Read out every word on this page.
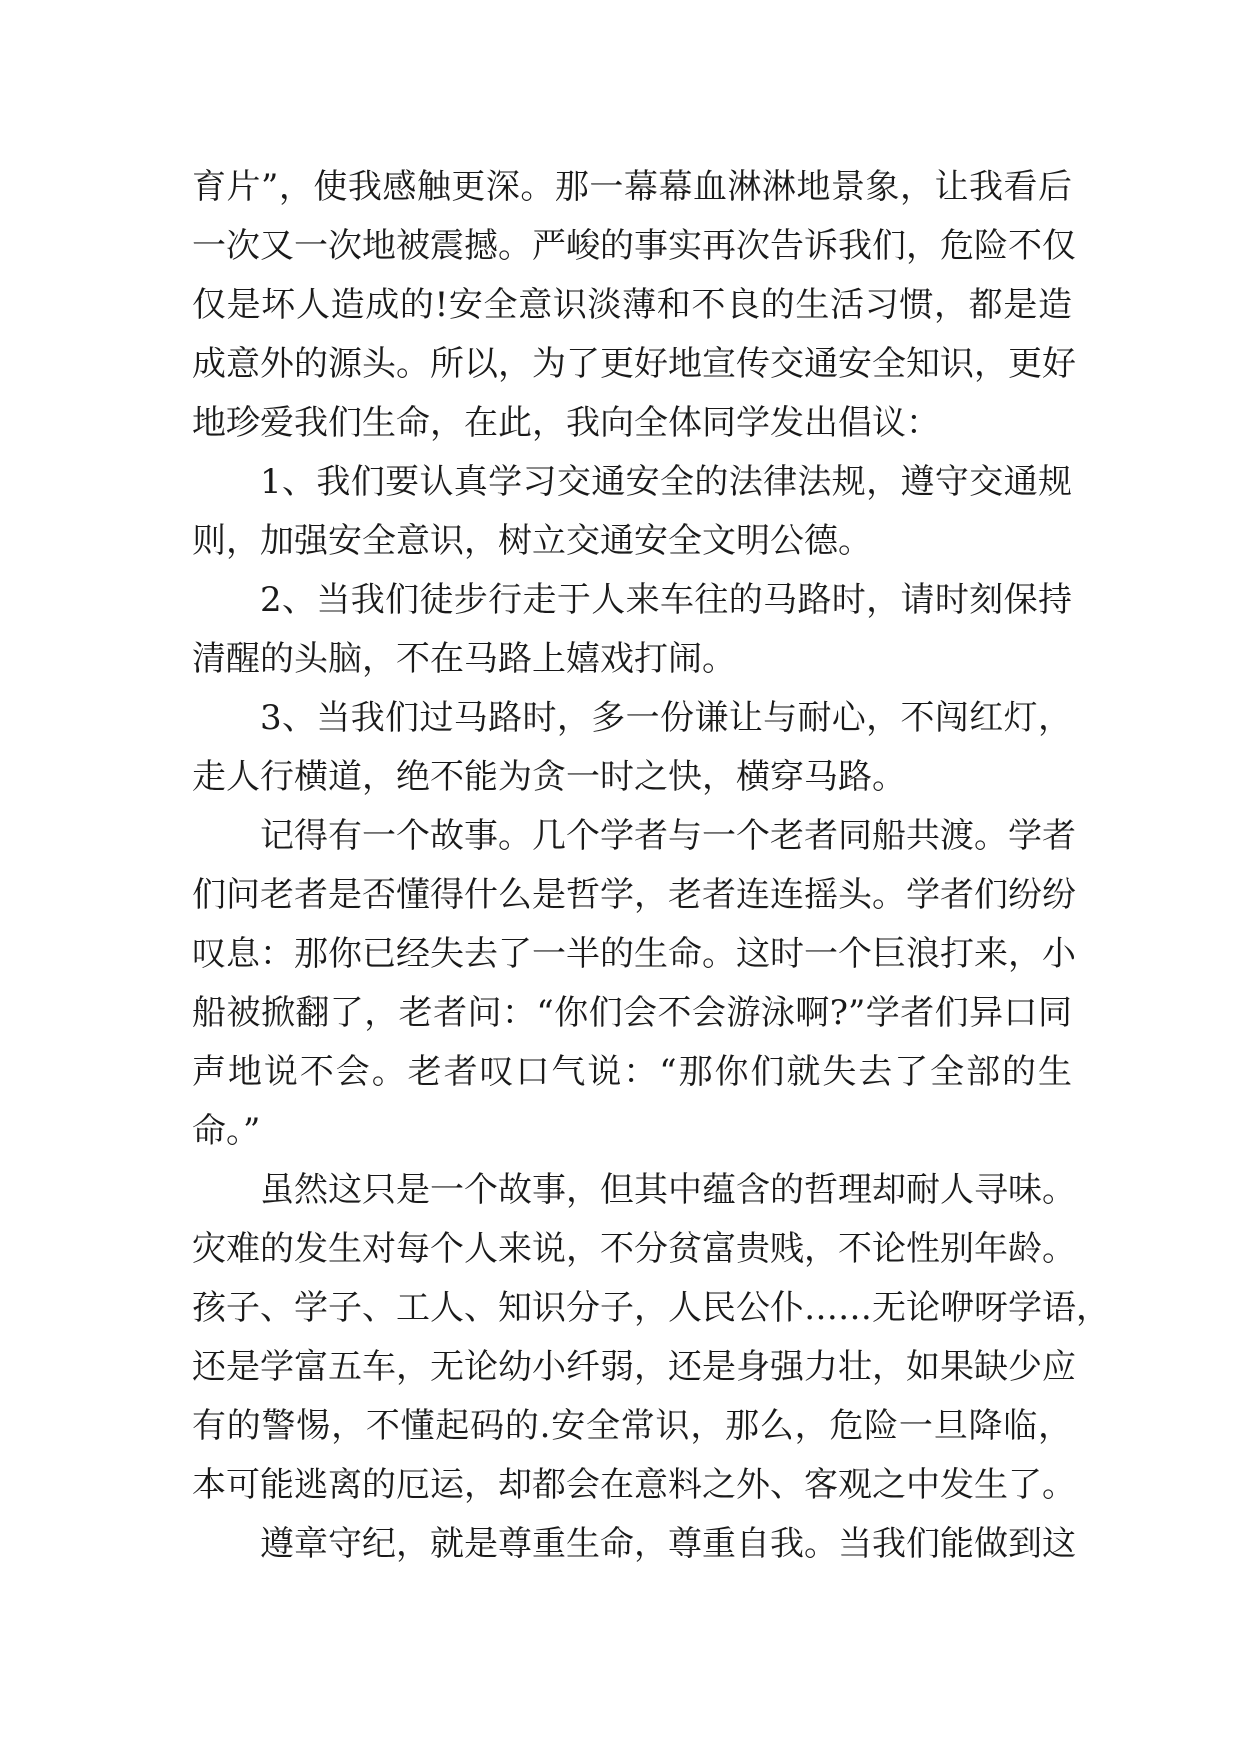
育片”，使我感触更深。那一幕幕血淋淋地景象，让我看后
一次又一次地被震撼。严峻的事实再次告诉我们，危险不仅
仅是坏人造成的!安全意识淡薄和不良的生活习惯，都是造
成意外的源头。所以，为了更好地宣传交通安全知识，更好
地珍爱我们生命，在此，我向全体同学发出倡议：
1、我们要认真学习交通安全的法律法规，遵守交通规
则，加强安全意识，树立交通安全文明公德。
2、当我们徒步行走于人来车往的马路时，请时刻保持
清醒的头脑，不在马路上嬉戏打闹。
3、当我们过马路时，多一份谦让与耐心，不闯红灯，
走人行横道，绝不能为贪一时之快，横穿马路。
记得有一个故事。几个学者与一个老者同船共渡。学者
们问老者是否懂得什么是哲学，老者连连摇头。学者们纷纷
叹息：那你已经失去了一半的生命。这时一个巨浪打来，小
船被掀翻了，老者问：“你们会不会游泳啊?”学者们异口同
声地说不会。老者叹口气说：“那你们就失去了全部的生
命。”
虽然这只是一个故事，但其中蕴含的哲理却耐人寻味。
灾难的发生对每个人来说，不分贫富贵贱，不论性别年龄。
孩子、学子、工人、知识分子，人民公仆……无论咿呀学语，
还是学富五车，无论幼小纤弱，还是身强力壮，如果缺少应
有的警惕，不懂起码的.安全常识，那么，危险一旦降临，
本可能逃离的厄运，却都会在意料之外、客观之中发生了。
遵章守纪，就是尊重生命，尊重自我。当我们能做到这
